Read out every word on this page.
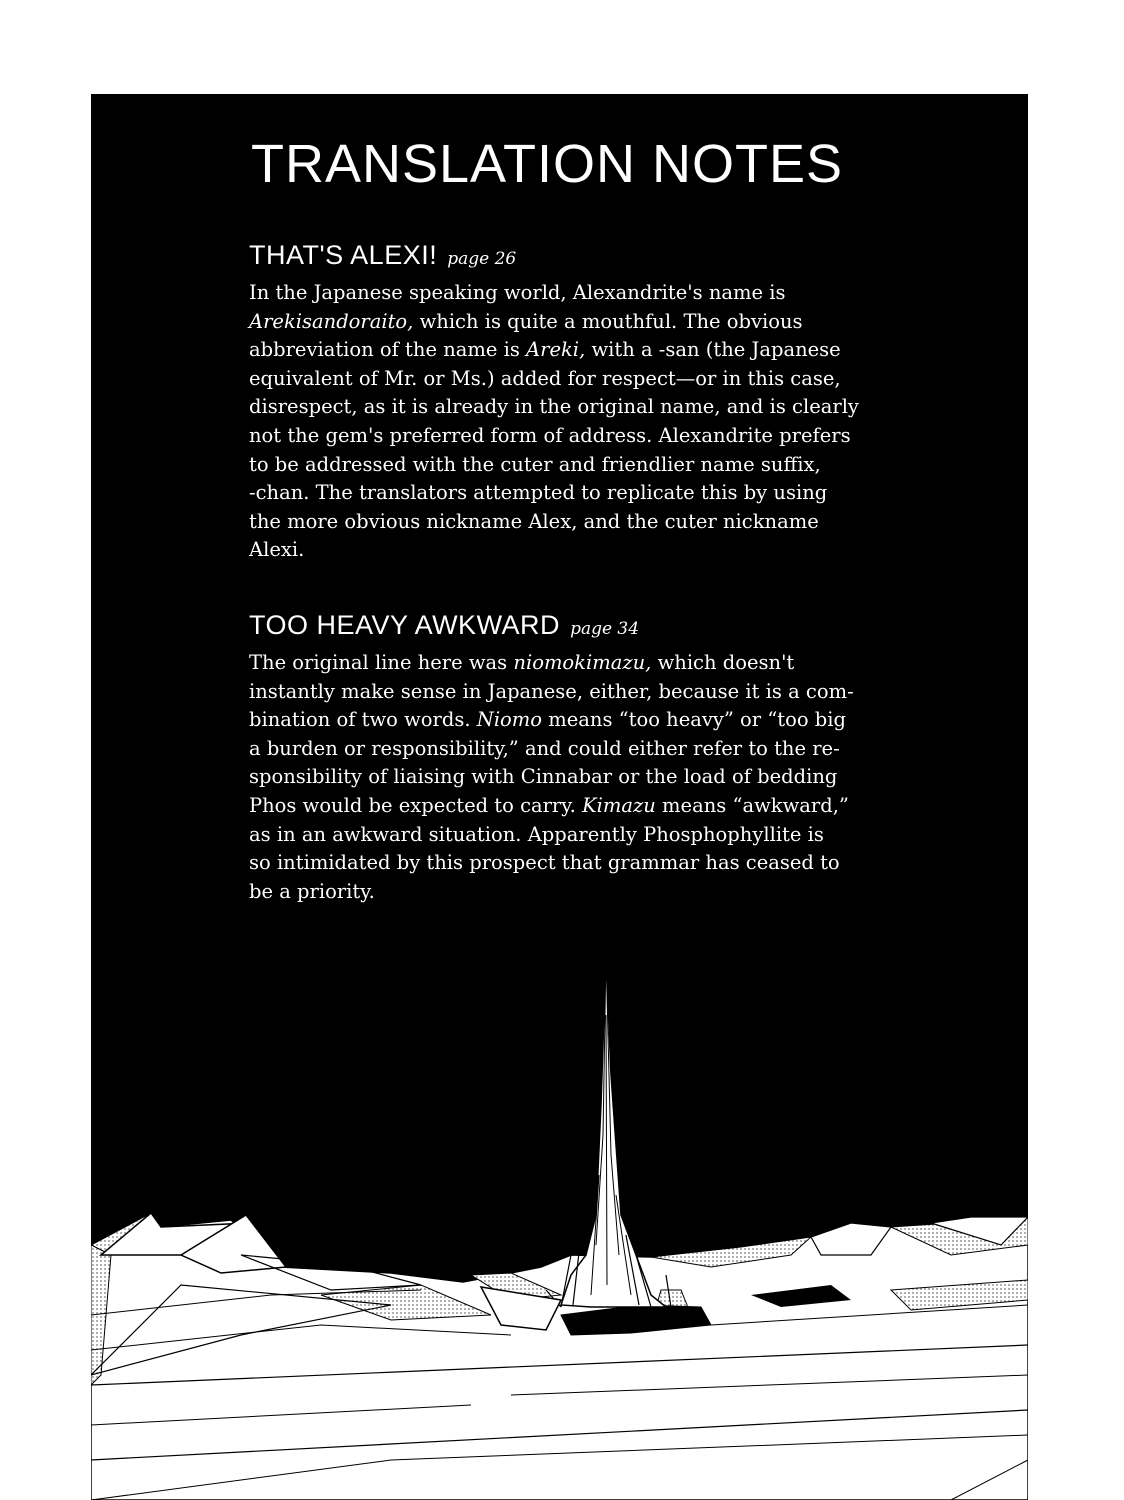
TRANSLATION NOTES
THAT'S ALEXI! page 26

In the Japanese speaking world, Alexandrite's name is
Arekisandoraito, which is quite a mouthful. The obvious
abbreviation of the name is Areki, with a -san (the Japanese
equivalent of Mr. or Ms.) added for respect—or in this case,
disrespect, as it is already in the original name, and is clearly
not the gem's preferred form of address. Alexandrite prefers
to be addressed with the cuter and friendlier name suffix,
-chan. The translators attempted to replicate this by using
the more obvious nickname Alex, and the cuter nickname
Alexi.

TOO HEAVY AWKWARD page 34

The original line here was niomokimazu, which doesn't
instantly make sense in Japanese, either, because it is a com-
bination of two words. Niomo means “too heavy” or “too big
a burden or responsibility,” and could either refer to the re-
sponsibility of liaising with Cinnabar or the load of bedding
Phos would be expected to carry. Kimazu means “awkward,”
as in an awkward situation. Apparently Phosphophyllite is
so intimidated by this prospect that grammar has ceased to
be a priority.
